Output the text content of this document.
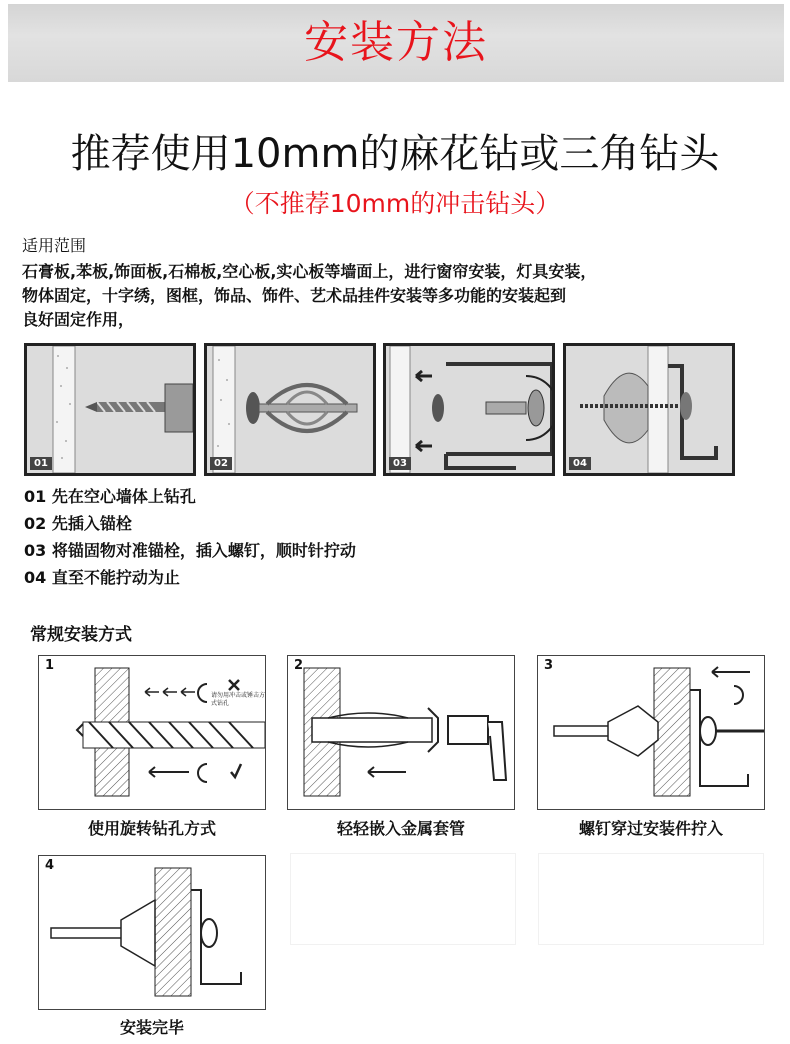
安装方法
推荐使用10mm的麻花钻或三角钻头
（不推荐10mm的冲击钻头）
适用范围
石膏板,苯板,饰面板,石棉板,空心板,实心板等墙面上，进行窗帘安装，灯具安装，
物体固定，十字绣，图框，饰品、饰件、艺术品挂件安装等多功能的安装起到
良好固定作用，
01	02	03	04
01 先在空心墙体上钻孔
02 先插入锚栓
03 将锚固物对准锚栓，插入螺钉，顺时针拧动
04 直至不能拧动为止
常规安装方式
1
请勿用冲击或锤击方式钻孔
使用旋转钻孔方式
2
轻轻嵌入金属套管
3
螺钉穿过安装件拧入
4
安装完毕
